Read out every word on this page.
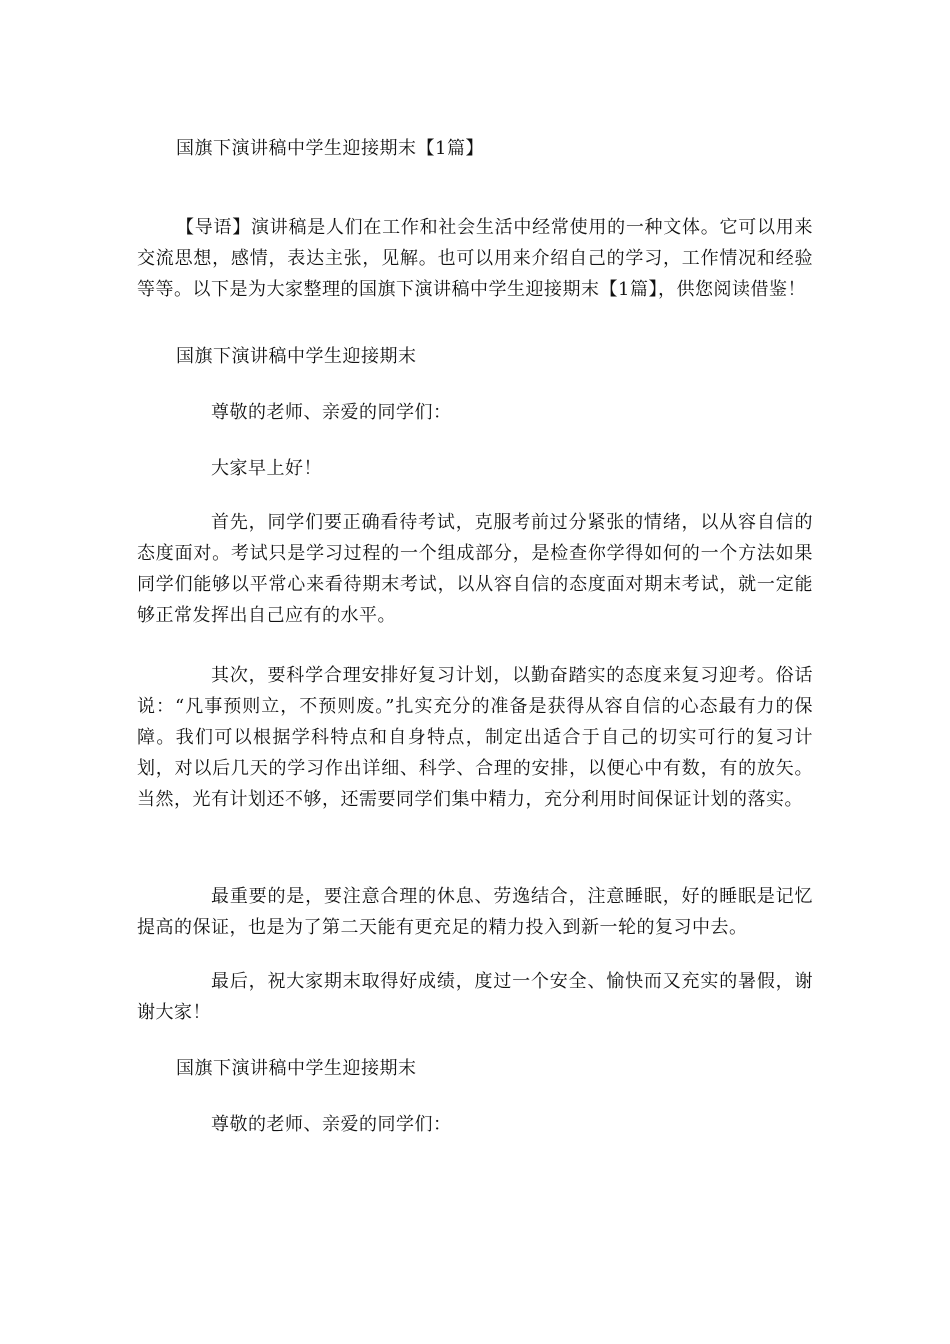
国旗下演讲稿中学生迎接期末【1篇】

【导语】演讲稿是人们在工作和社会生活中经常使用的一种文体。它可以用来交流思想，感情，表达主张，见解。也可以用来介绍自己的学习，工作情况和经验等等。以下是为大家整理的国旗下演讲稿中学生迎接期末【1篇】，供您阅读借鉴！

国旗下演讲稿中学生迎接期末

尊敬的老师、亲爱的同学们：

大家早上好！

首先，同学们要正确看待考试，克服考前过分紧张的情绪，以从容自信的态度面对。考试只是学习过程的一个组成部分，是检查你学得如何的一个方法如果同学们能够以平常心来看待期末考试，以从容自信的态度面对期末考试，就一定能够正常发挥出自己应有的水平。

其次，要科学合理安排好复习计划，以勤奋踏实的态度来复习迎考。俗话说：“凡事预则立，不预则废。”扎实充分的准备是获得从容自信的心态最有力的保障。我们可以根据学科特点和自身特点，制定出适合于自己的切实可行的复习计划，对以后几天的学习作出详细、科学、合理的安排，以便心中有数，有的放矢。当然，光有计划还不够，还需要同学们集中精力，充分利用时间保证计划的落实。

最重要的是，要注意合理的休息、劳逸结合，注意睡眠，好的睡眠是记忆提高的保证，也是为了第二天能有更充足的精力投入到新一轮的复习中去。

最后，祝大家期末取得好成绩，度过一个安全、愉快而又充实的暑假，谢谢大家！

国旗下演讲稿中学生迎接期末

尊敬的老师、亲爱的同学们：
